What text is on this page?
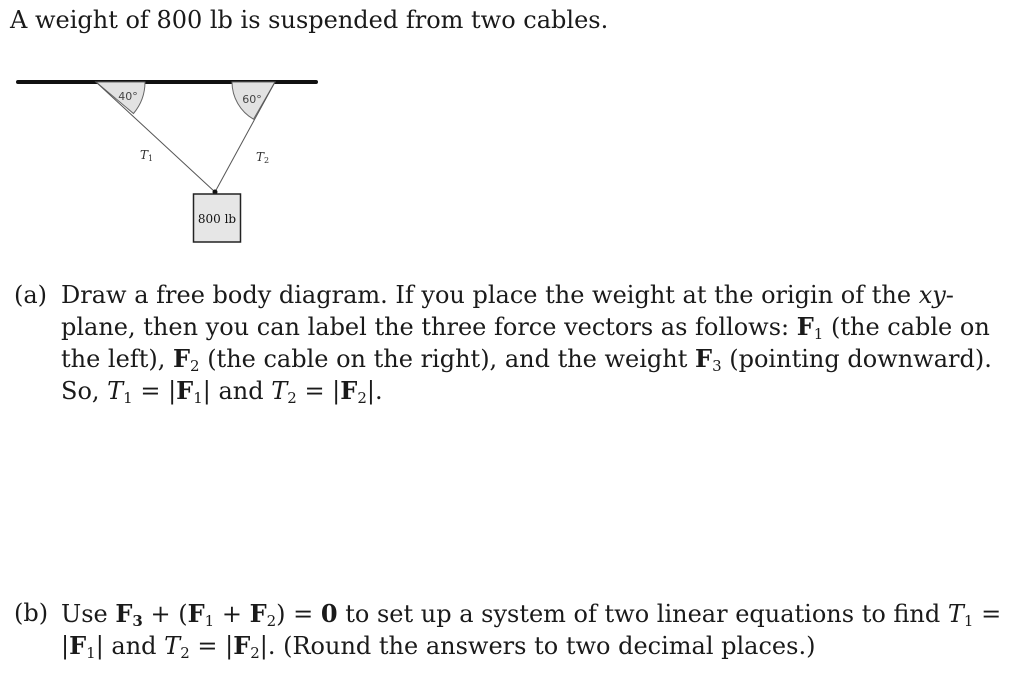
A weight of 800 lb is suspended from two cables.
40°	60°
T1	T2
800 lb
(a) Draw a free body diagram. If you place the weight at the origin of the xy-plane, then you can label the three force vectors as follows: $F_1$ (the cable on the left), $F_2$ (the cable on the right), and the weight $F_3$ (pointing downward). So, $T_1 = |F_1|$ and $T_2 = |F_2|$.
(b) Use $F_3 + (F_1 + F_2) = 0$ to set up a system of two linear equations to find $T_1 = |F_1|$ and $T_2 = |F_2|$. (Round the answers to two decimal places.)
